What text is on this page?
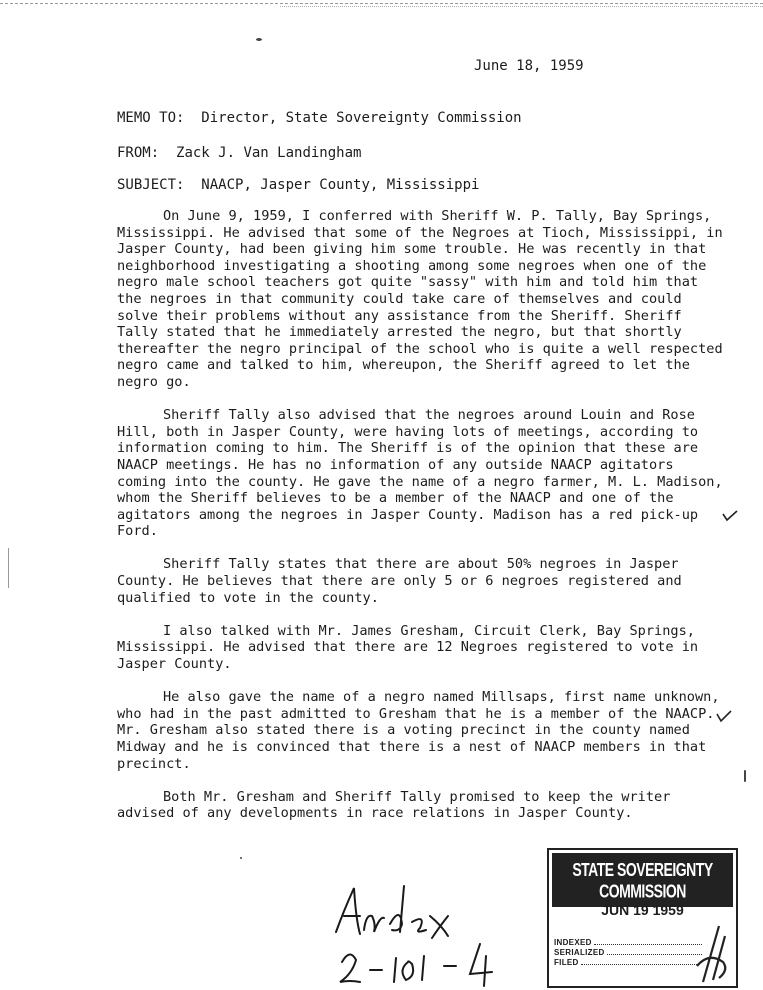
June 18, 1959
MEMO TO: Director, State Sovereignty Commission
FROM: Zack J. Van Landingham
SUBJECT: NAACP, Jasper County, Mississippi

On June 9, 1959, I conferred with Sheriff W. P. Tally, Bay Springs, Mississippi. He advised that some of the Negroes at Tioch, Mississippi, in Jasper County, had been giving him some trouble. He was recently in that neighborhood investigating a shooting among some negroes when one of the negro male school teachers got quite "sassy" with him and told him that the negroes in that community could take care of themselves and could solve their problems without any assistance from the Sheriff. Sheriff Tally stated that he immediately arrested the negro, but that shortly thereafter the negro principal of the school who is quite a well respected negro came and talked to him, whereupon, the Sheriff agreed to let the negro go.

Sheriff Tally also advised that the negroes around Louin and Rose Hill, both in Jasper County, were having lots of meetings, according to information coming to him. The Sheriff is of the opinion that these are NAACP meetings. He has no information of any outside NAACP agitators coming into the county. He gave the name of a negro farmer, M. L. Madison, whom the Sheriff believes to be a member of the NAACP and one of the agitators among the negroes in Jasper County. Madison has a red pick-up Ford.

Sheriff Tally states that there are about 50% negroes in Jasper County. He believes that there are only 5 or 6 negroes registered and qualified to vote in the county.

I also talked with Mr. James Gresham, Circuit Clerk, Bay Springs, Mississippi. He advised that there are 12 Negroes registered to vote in Jasper County.

He also gave the name of a negro named Millsaps, first name unknown, who had in the past admitted to Gresham that he is a member of the NAACP. Mr. Gresham also stated there is a voting precinct in the county named Midway and he is convinced that there is a nest of NAACP members in that precinct.

Both Mr. Gresham and Sheriff Tally promised to keep the writer advised of any developments in race relations in Jasper County.

STATE SOVEREIGNTY COMMISSION
JUN 19 1959
INDEXED
SERIALIZED
FILED
